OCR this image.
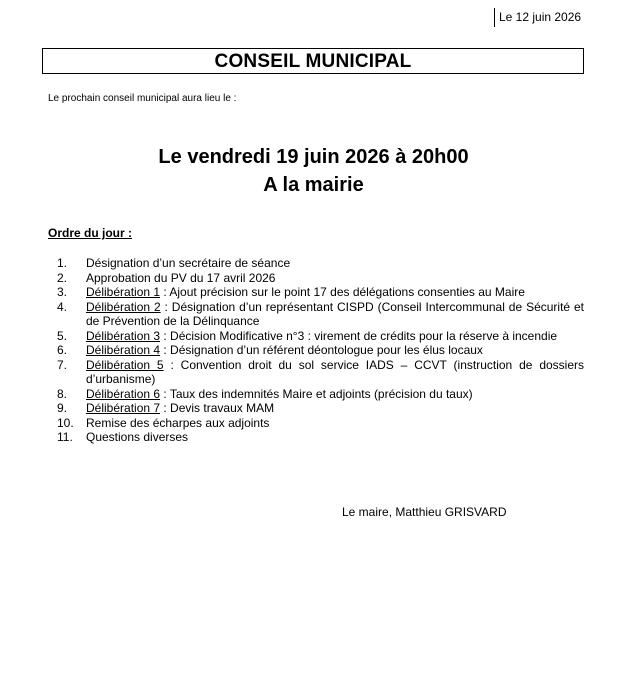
Le 12 juin 2026
CONSEIL MUNICIPAL
Le prochain conseil municipal aura lieu le :
Le vendredi 19 juin 2026 à 20h00
A la mairie
Ordre du jour :
1. Désignation d’un secrétaire de séance
2. Approbation du PV du 17 avril 2026
3. Délibération 1 : Ajout précision sur le point 17 des délégations consenties au Maire
4. Délibération 2 : Désignation d’un représentant CISPD (Conseil Intercommunal de Sécurité et de Prévention de la Délinquance
5. Délibération 3 : Décision Modificative n°3 : virement de crédits pour la réserve à incendie
6. Délibération 4 : Désignation d’un référent déontologue pour les élus locaux
7. Délibération 5 : Convention droit du sol service IADS – CCVT (instruction de dossiers d’urbanisme)
8. Délibération 6 : Taux des indemnités Maire et adjoints (précision du taux)
9. Délibération 7 : Devis travaux MAM
10. Remise des écharpes aux adjoints
11. Questions diverses
Le maire, Matthieu GRISVARD
